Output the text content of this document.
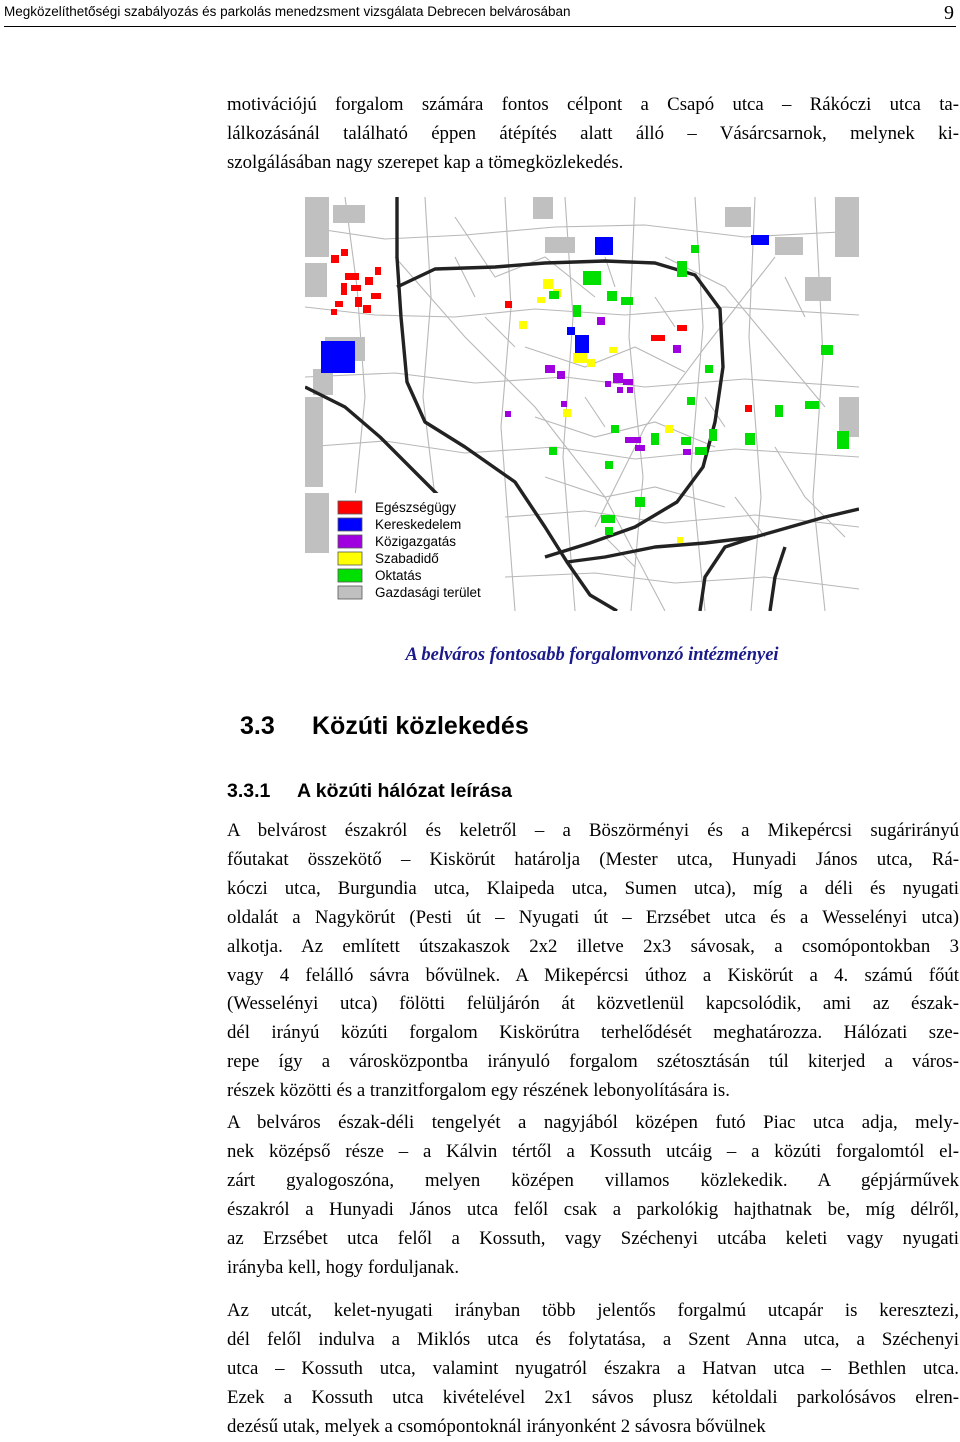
Megközelíthetőségi szabályozás és parkolás menedzsment vizsgálata Debrecen belvárosában	9

motivációjú forgalom számára fontos célpont a Csapó utca – Rákóczi utca ta-
lálkozásánál található éppen átépítés alatt álló – Vásárcsarnok, melynek ki-
szolgálásában nagy szerepet kap a tömegközlekedés.

Egészségügy
Kereskedelem
Közigazgatás
Szabadidő
Oktatás
Gazdasági terület
A belváros fontosabb forgalomvonzó intézményei
3.3 Közúti közlekedés
3.3.1 A közúti hálózat leírása

A belvárost északról és keletről – a Böszörményi és a Mikepércsi sugárirányú
főutakat összekötő – Kiskörút határolja (Mester utca, Hunyadi János utca, Rá-
kóczi utca, Burgundia utca, Klaipeda utca, Sumen utca), míg a déli és nyugati
oldalát a Nagykörút (Pesti út – Nyugati út – Erzsébet utca és a Wesselényi utca)
alkotja. Az említett útszakaszok 2x2 illetve 2x3 sávosak, a csomópontokban 3
vagy 4 felálló sávra bővülnek. A Mikepércsi úthoz a Kiskörút a 4. számú főút
(Wesselényi utca) fölötti felüljárón át közvetlenül kapcsolódik, ami az észak-
dél irányú közúti forgalom Kiskörútra terhelődését meghatározza. Hálózati sze-
repe így a városközpontba irányuló forgalom szétosztásán túl kiterjed a város-
részek közötti és a tranzitforgalom egy részének lebonyolítására is.

A belváros észak-déli tengelyét a nagyjából középen futó Piac utca adja, mely-
nek középső része – a Kálvin tértől a Kossuth utcáig – a közúti forgalomtól el-
zárt gyalogoszóna, melyen középen villamos közlekedik. A gépjárművek
északról a Hunyadi János utca felől csak a parkolókig hajthatnak be, míg délről,
az Erzsébet utca felől a Kossuth, vagy Széchenyi utcába keleti vagy nyugati
irányba kell, hogy forduljanak.

Az utcát, kelet-nyugati irányban több jelentős forgalmú utcapár is keresztezi,
dél felől indulva a Miklós utca és folytatása, a Szent Anna utca, a Széchenyi
utca – Kossuth utca, valamint nyugatról északra a Hatvan utca – Bethlen utca.
Ezek a Kossuth utca kivételével 2x1 sávos plusz kétoldali parkolósávos elren-
dezésű utak, melyek a csomópontoknál irányonként 2 sávosra bővülnek
